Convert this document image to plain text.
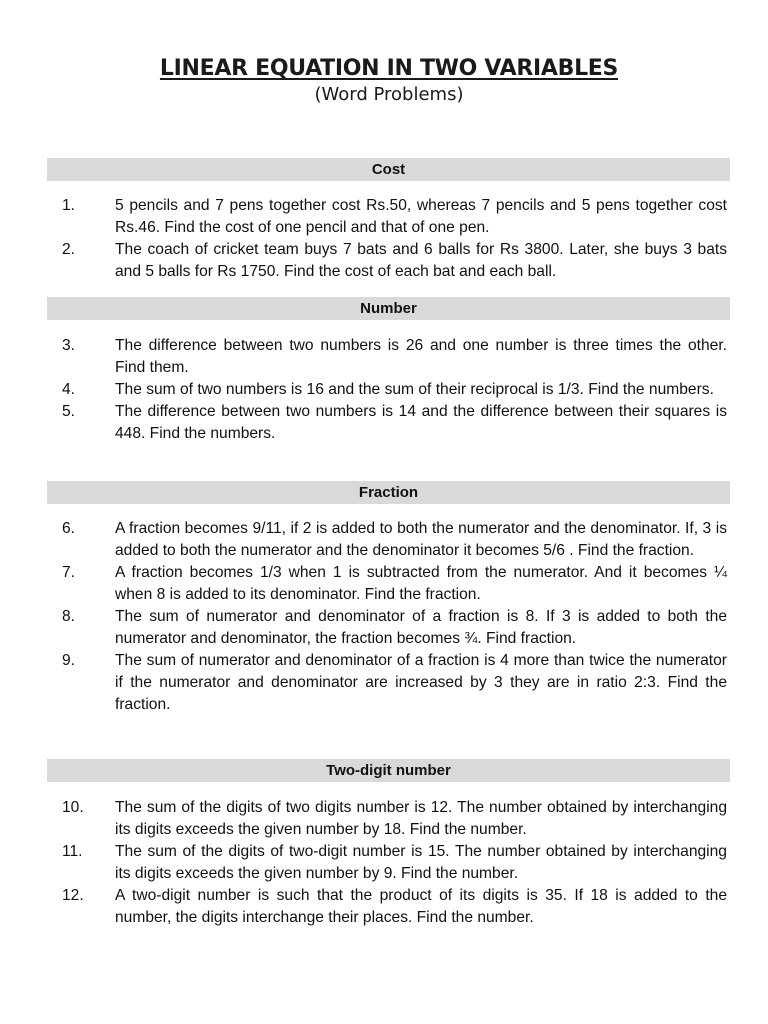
LINEAR EQUATION IN TWO VARIABLES
(Word Problems)
Cost
1.	5 pencils and 7 pens together cost Rs.50, whereas 7 pencils and 5 pens together cost Rs.46. Find the cost of one pencil and that of one pen.
2.	The coach of cricket team buys 7 bats and 6 balls for Rs 3800. Later, she buys 3 bats and 5 balls for Rs 1750. Find the cost of each bat and each ball.
Number
3.	The difference between two numbers is 26 and one number is three times the other. Find them.
4.	The sum of two numbers is 16 and the sum of their reciprocal is 1/3. Find the numbers.
5.	The difference between two numbers is 14 and the difference between their squares is 448. Find the numbers.
Fraction
6.	A fraction becomes 9/11, if 2 is added to both the numerator and the denominator. If, 3 is added to both the numerator and the denominator it becomes 5/6 . Find the fraction.
7.	A fraction becomes 1/3 when 1 is subtracted from the numerator. And it becomes ¼ when 8 is added to its denominator. Find the fraction.
8.	The sum of numerator and denominator of a fraction is 8. If 3 is added to both the numerator and denominator, the fraction becomes ¾. Find fraction.
9.	The sum of numerator and denominator of a fraction is 4 more than twice the numerator if the numerator and denominator are increased by 3 they are in ratio 2:3. Find the fraction.
Two-digit number
10. The sum of the digits of two digits number is 12. The number obtained by interchanging its digits exceeds the given number by 18. Find the number.
11. The sum of the digits of two-digit number is 15. The number obtained by interchanging its digits exceeds the given number by 9. Find the number.
12. A two-digit number is such that the product of its digits is 35. If 18 is added to the number, the digits interchange their places. Find the number.
